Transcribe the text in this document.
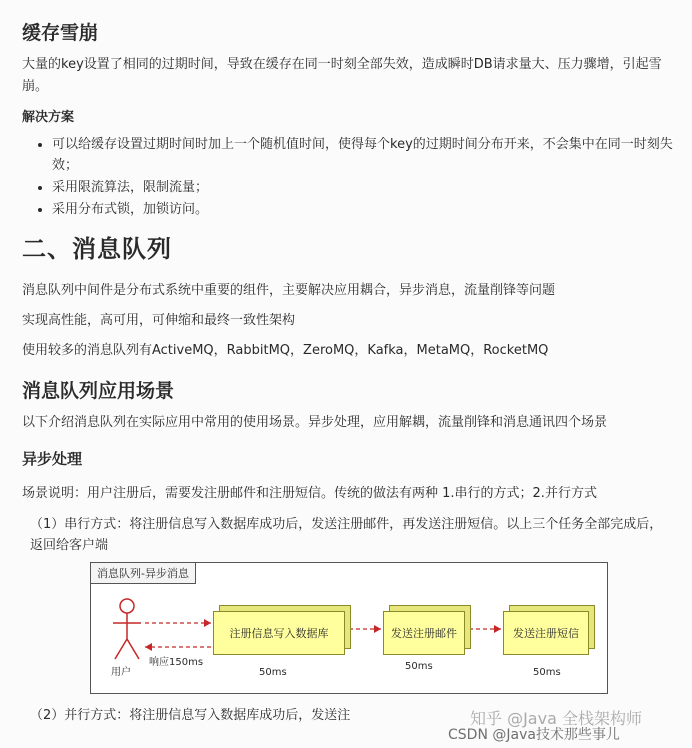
缓存雪崩

大量的key设置了相同的过期时间，导致在缓存在同一时刻全部失效，造成瞬时DB请求量大、压力骤增，引起雪崩。

解决方案

• 可以给缓存设置过期时间时加上一个随机值时间，使得每个key的过期时间分布开来，不会集中在同一时刻失效；
• 采用限流算法，限制流量；
• 采用分布式锁，加锁访问。
二、消息队列

消息队列中间件是分布式系统中重要的组件，主要解决应用耦合，异步消息，流量削锋等问题

实现高性能，高可用，可伸缩和最终一致性架构

使用较多的消息队列有ActiveMQ，RabbitMQ，ZeroMQ，Kafka，MetaMQ，RocketMQ

消息队列应用场景

以下介绍消息队列在实际应用中常用的使用场景。异步处理，应用解耦，流量削锋和消息通讯四个场景

异步处理

场景说明：用户注册后，需要发注册邮件和注册短信。传统的做法有两种 1.串行的方式；2.并行方式

（1）串行方式：将注册信息写入数据库成功后，发送注册邮件，再发送注册短信。以上三个任务全部完成后，返回给客户端

消息队列-异步消息
用户
注册信息写入数据库	发送注册邮件	发送注册短信
50ms
50ms
50ms
响应150ms

（2）并行方式：将注册信息写入数据库成功后，发送注	知乎 @Java 全栈架构师
CSDN @Java技术那些事儿
